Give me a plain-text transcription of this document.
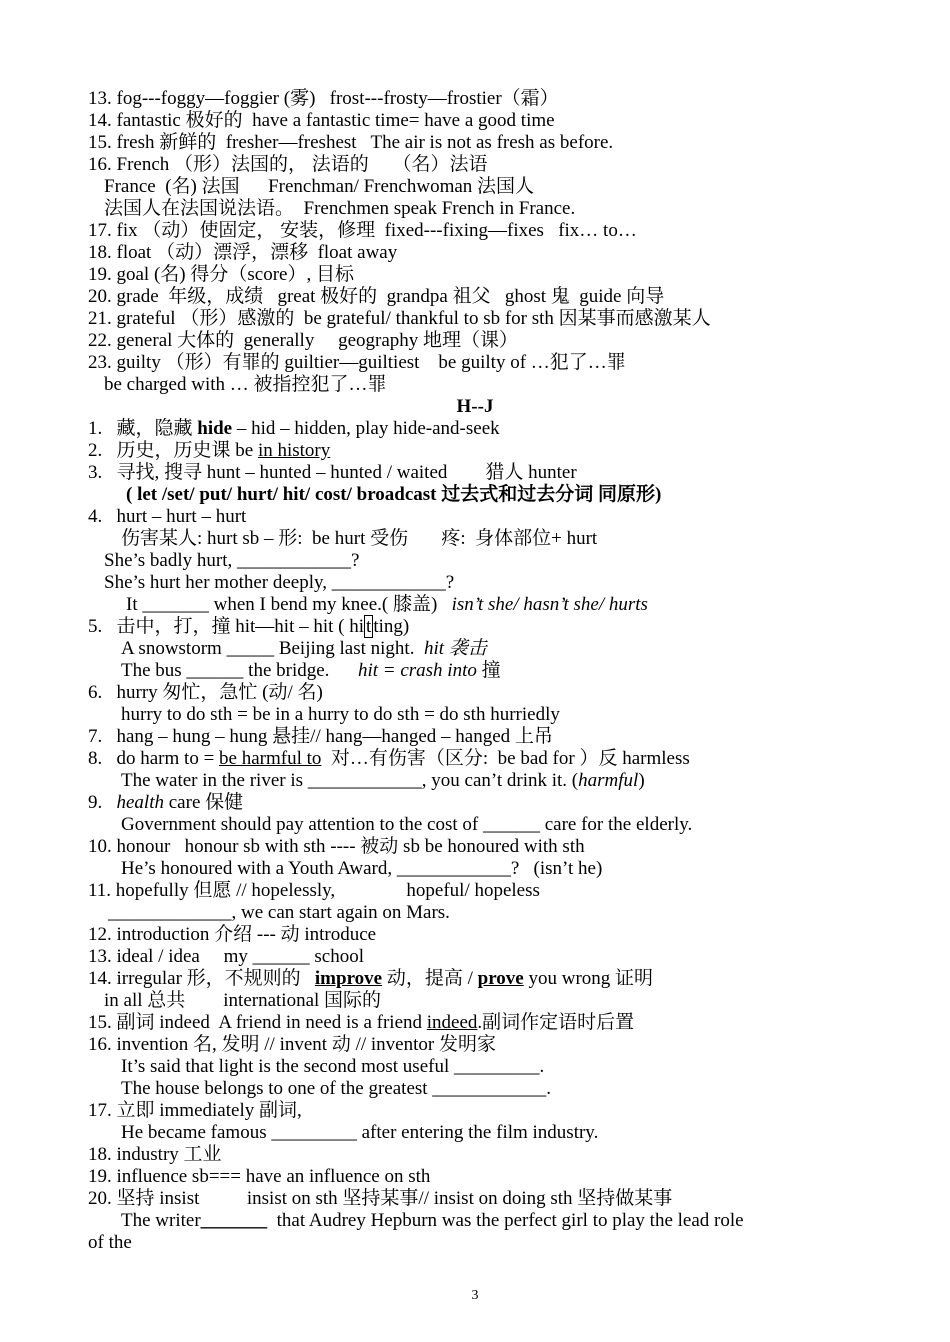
13. fog---foggy—foggier (雾)   frost---frosty—frostier（霜）
14. fantastic 极好的  have a fantastic time= have a good time
15. fresh 新鲜的  fresher—freshest   The air is not as fresh as before.
16. French （形）法国的， 法语的     （名）法语
France  (名) 法国      Frenchman/ Frenchwoman 法国人
法国人在法国说法语。  Frenchmen speak French in France.
17. fix （动）使固定， 安装，修理  fixed---fixing—fixes   fix… to…
18. float （动）漂浮，漂移  float away
19. goal (名) 得分（score）, 目标
20. grade  年级，成绩   great 极好的  grandpa 祖父   ghost 鬼  guide 向导
21. grateful （形）感激的  be grateful/ thankful to sb for sth 因某事而感激某人
22. general 大体的  generally     geography 地理（课）
23. guilty （形）有罪的 guiltier—guiltiest    be guilty of …犯了…罪
be charged with … 被指控犯了…罪
1.   藏，隐藏 hide – hid – hidden, play hide-and-seek
2.   历史，历史课 be in history
3.   寻找, 搜寻 hunt – hunted – hunted / waited        猎人 hunter
( let /set/ put/ hurt/ hit/ cost/ broadcast 过去式和过去分词 同原形)
4.   hurt – hurt – hurt
伤害某人: hurt sb – 形:  be hurt 受伤       疼:  身体部位+ hurt
She’s badly hurt, ____________?
She’s hurt her mother deeply, ____________?
It _______ when I bend my knee.( 膝盖)   isn’t she/ hasn’t she/ hurts
5.   击中，打，撞 hit—hit – hit ( hi t ting)
A snowstorm _____ Beijing last night.  hit 袭击
The bus ______ the bridge.      hit = crash into 撞
6.   hurry 匆忙，急忙 (动/ 名)
hurry to do sth = be in a hurry to do sth = do sth hurriedly
7.   hang – hung – hung 悬挂// hang—hanged – hanged 上吊
8.   do harm to = be harmful to  对…有伤害（区分:  be bad for ）反 harmless
The water in the river is ____________, you can’t drink it. (harmful)
9.   health care 保健
Government should pay attention to the cost of ______ care for the elderly.
10. honour   honour sb with sth ---- 被动 sb be honoured with sth
He’s honoured with a Youth Award, ____________?   (isn’t he)
11. hopefully 但愿 // hopelessly,               hopeful/ hopeless
_____________, we can start again on Mars.
12. introduction 介绍 --- 动 introduce
13. ideal / idea     my ______ school
14. irregular 形，不规则的   improve 动，提高 / prove you wrong 证明
in all 总共        international 国际的
15. 副词 indeed  A friend in need is a friend indeed.副词作定语时后置
16. invention 名, 发明 // invent 动 // inventor 发明家
It’s said that light is the second most useful _________.
The house belongs to one of the greatest ____________.
17. 立即 immediately 副词,
He became famous _________ after entering the film industry.
18. industry 工业
19. influence sb=== have an influence on sth
20. 坚持 insist          insist on sth 坚持某事// insist on doing sth 坚持做某事
The writer_______  that Audrey Hepburn was the perfect girl to play the lead role
of the
H--J
3
